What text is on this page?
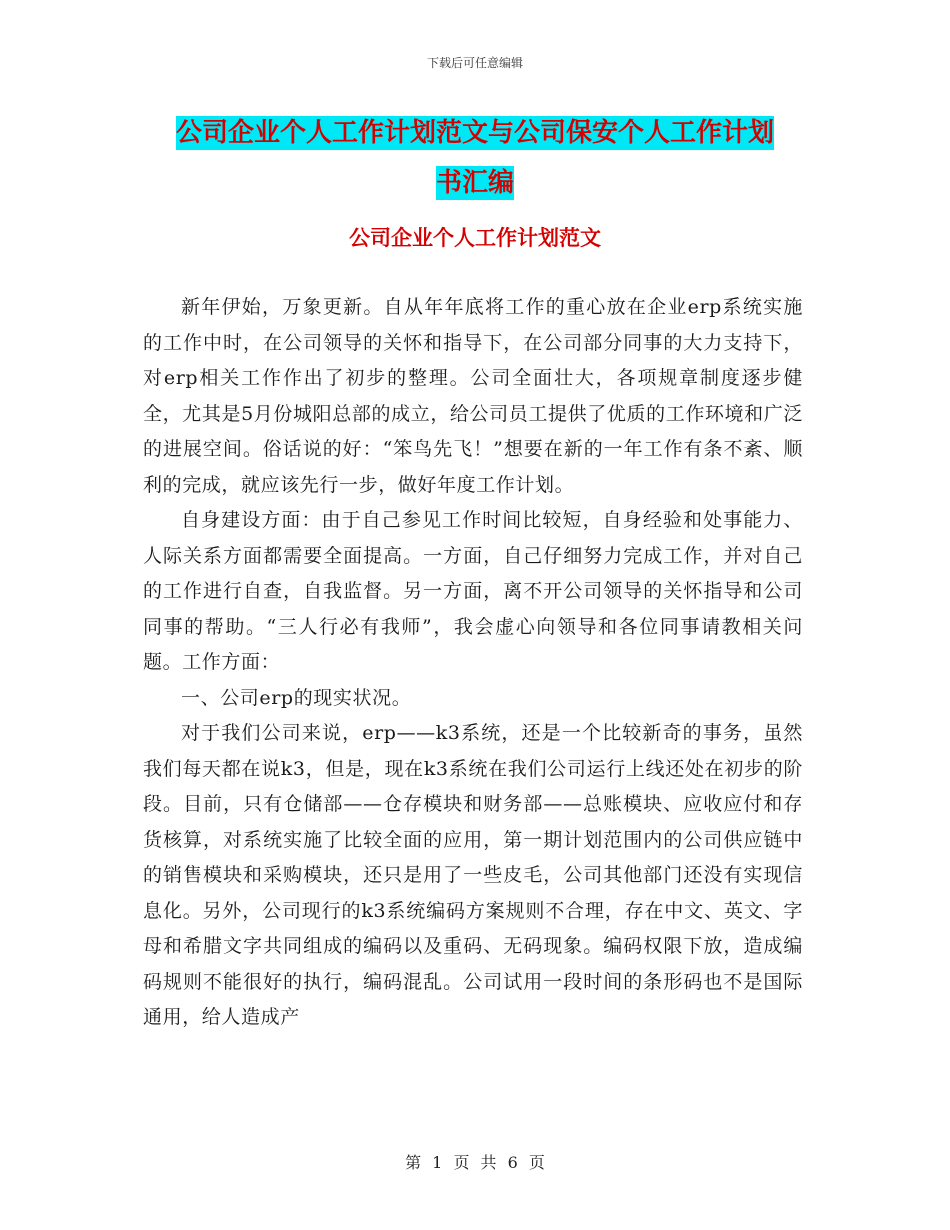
下载后可任意编辑
公司企业个人工作计划范文与公司保安个人工作计划
书汇编
公司企业个人工作计划范文

新年伊始，万象更新。自从年年底将工作的重心放在企业erp系统实施的工作中时，在公司领导的关怀和指导下，在公司部分同事的大力支持下，对erp相关工作作出了初步的整理。公司全面壮大，各项规章制度逐步健全，尤其是5月份城阳总部的成立，给公司员工提供了优质的工作环境和广泛的进展空间。俗话说的好：“笨鸟先飞！”想要在新的一年工作有条不紊、顺利的完成，就应该先行一步，做好年度工作计划。

自身建设方面：由于自己参见工作时间比较短，自身经验和处事能力、人际关系方面都需要全面提高。一方面，自己仔细努力完成工作，并对自己的工作进行自查，自我监督。另一方面，离不开公司领导的关怀指导和公司同事的帮助。“三人行必有我师”，我会虚心向领导和各位同事请教相关问题。工作方面：

一、公司erp的现实状况。

对于我们公司来说，erp——k3系统，还是一个比较新奇的事务，虽然我们每天都在说k3，但是，现在k3系统在我们公司运行上线还处在初步的阶段。目前，只有仓储部——仓存模块和财务部——总账模块、应收应付和存货核算，对系统实施了比较全面的应用，第一期计划范围内的公司供应链中的销售模块和采购模块，还只是用了一些皮毛，公司其他部门还没有实现信息化。另外，公司现行的k3系统编码方案规则不合理，存在中文、英文、字母和希腊文字共同组成的编码以及重码、无码现象。编码权限下放，造成编码规则不能很好的执行，编码混乱。公司试用一段时间的条形码也不是国际通用，给人造成产

第 1 页 共 6 页
